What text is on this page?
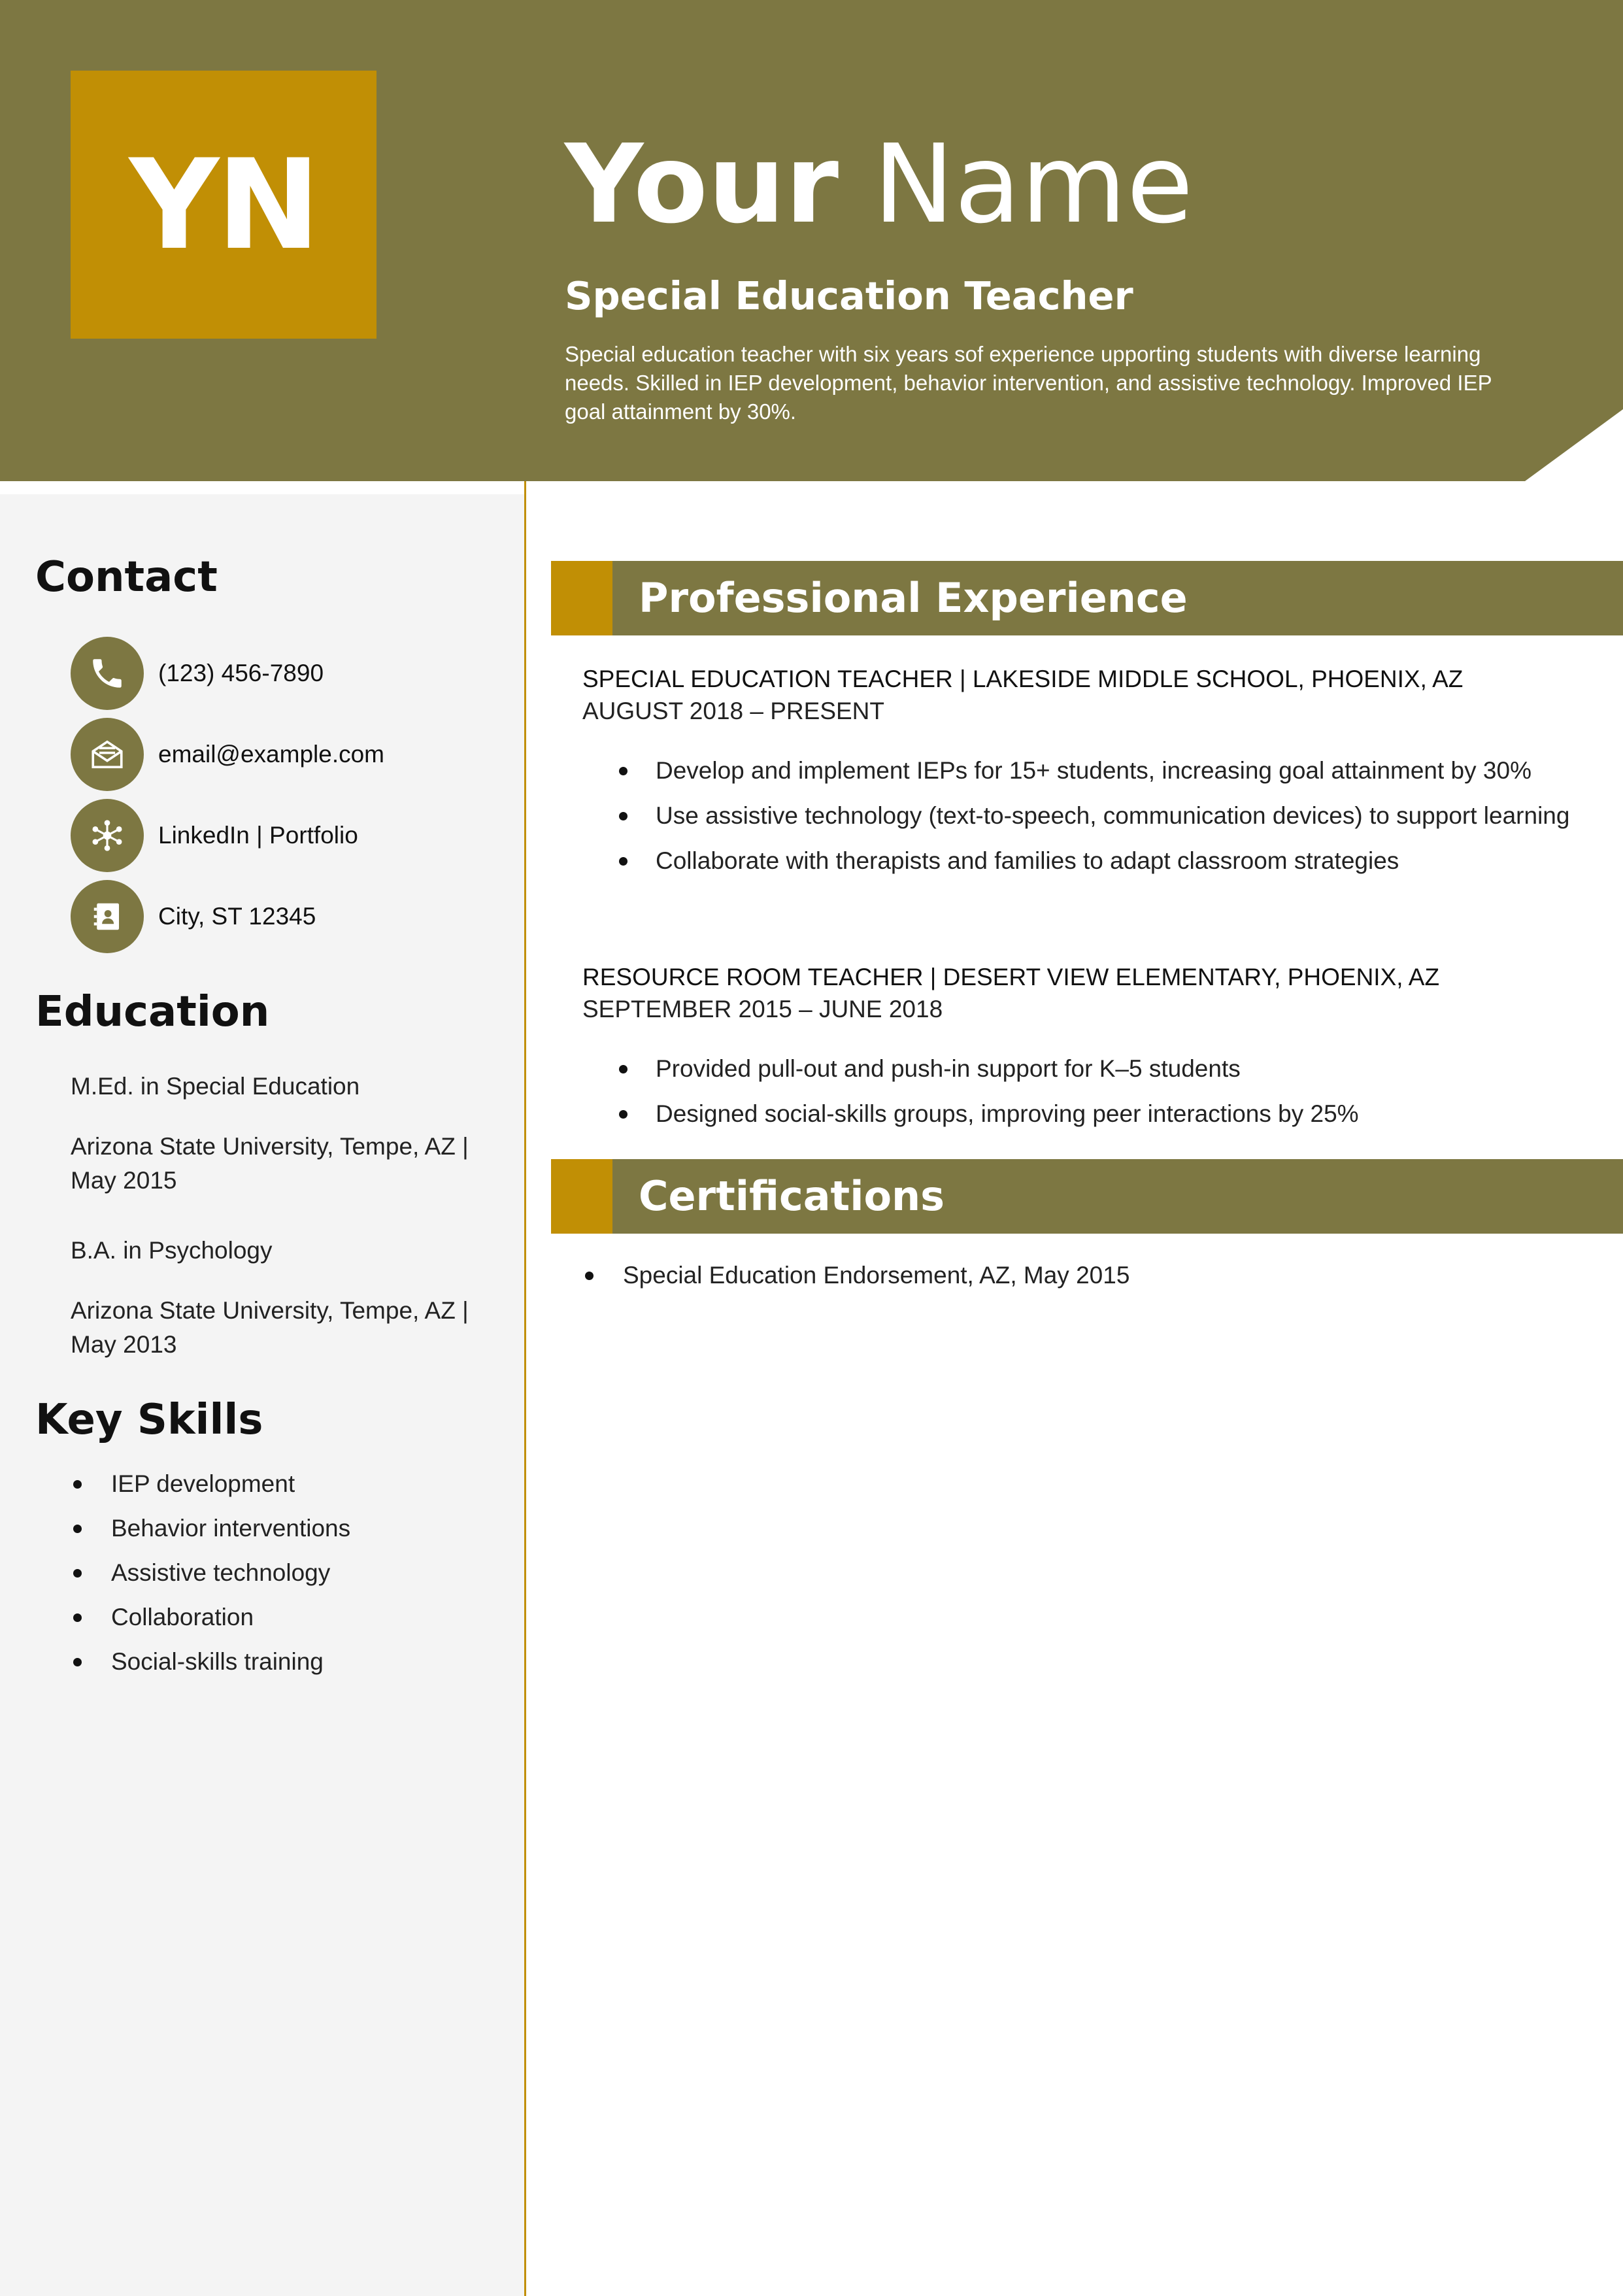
YN	Your Name
Special Education Teacher
Special education teacher with six years sof experience upporting students with diverse learning needs. Skilled in IEP development, behavior intervention, and assistive technology. Improved IEP goal attainment by 30%.
Contact
(123) 456-7890
email@example.com
LinkedIn | Portfolio
City, ST 12345
Education
M.Ed. in Special Education
Arizona State University, Tempe, AZ | May 2015
B.A. in Psychology
Arizona State University, Tempe, AZ | May 2013
Key Skills
IEP development
Behavior interventions
Assistive technology
Collaboration
Social-skills training
Professional Experience
SPECIAL EDUCATION TEACHER | LAKESIDE MIDDLE SCHOOL, PHOENIX, AZ
AUGUST 2018 – PRESENT
Develop and implement IEPs for 15+ students, increasing goal attainment by 30%
Use assistive technology (text-to-speech, communication devices) to support learning
Collaborate with therapists and families to adapt classroom strategies
RESOURCE ROOM TEACHER | DESERT VIEW ELEMENTARY, PHOENIX, AZ
SEPTEMBER 2015 – JUNE 2018
Provided pull-out and push-in support for K–5 students
Designed social-skills groups, improving peer interactions by 25%
Certifications
Special Education Endorsement, AZ, May 2015
